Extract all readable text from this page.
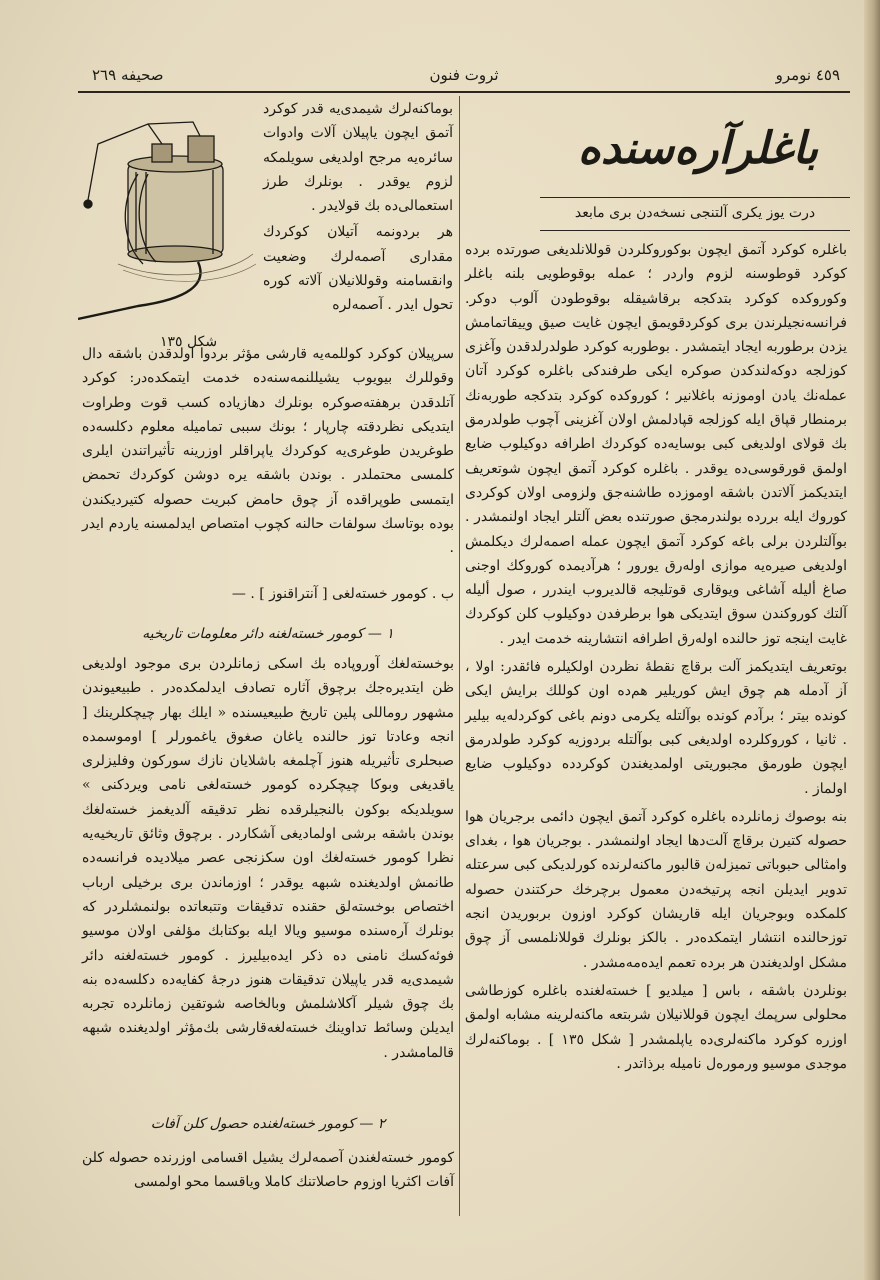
٤٥٩ نومرو
ثروت فنون
صحيفه ٢٦٩
باغلرآره‌سنده
درت يوز يكرى آلتنجى نسخه‌دن برى مابعد

باغلره كوكرد آتمق ايچون بوكوروكلردن قوللانلديغى صورتده برده كوكرد قوطوسنه لزوم واردر ؛ عمله بوقوطويى بلنه باغلر وكوروكده كوكرد بتدكجه برقاشيقله بوقوطودن آلوب دوكر. فرانسه‌نجيلرندن برى كوكردقويمق ايچون غايت صيق وييقاتمامش يزدن برطوربه ايجاد ايتمشدر . بوطوربه كوكرد طولدرلدقدن وآغزى كوزلجه دوكه‌لندكدن صوكره ايكى طرفندكى باغلره كوكرد آتان عمله‌نك يادن اوموزنه باغلانير ؛ كوروكده كوكرد بتدكجه طوربه‌نك برمنطار قپاق ايله كوزلجه قپادلمش اولان آغزينى آچوب طولدرمق بك قولاى اولديغى كبى بوسايه‌ده كوكردك اطرافه دوكيلوب ضايع اولمق قورقوسى‌ده يوقدر . باغلره كوكرد آتمق ايچون شوتعريف ايتديكمز آلاتدن باشقه اوموزده طاشنه‌جق ولزومى اولان كوكردى كوروك ايله بررده بولندرمجق صورتنده بعض آلتلر ايجاد اولنمشدر . بوآلتلردن برلى باغه كوكرد آتمق ايچون عمله اصمه‌لرك ديكلمش اولديغى صيره‌يه موازى اولەرق يورور ؛ هرآديمده كوروكك اوجنى صاغ أليله آشاغى ويوقارى قوتليجه قالديروب ايندرر ، صول أليله آلتك كوروكندن سوق ايتديكى هوا برطرفدن دوكيلوب كلن كوكردك غايت اينجه توز حالنده اولەرق اطرافه انتشارينه خدمت ايدر .

بوتعريف ايتديكمز آلت برقاچ نقطهٔ نظردن اولكيلره فائقدر: اولا ، آز آدمله هم چوق ايش كوريلير هم‌ده اون كوللك برايش ايكى كونده بيتر ؛ برآدم كونده بوآلتله يكرمى دونم باغى كوكردله‌يه بيلير . ثانيا ، كوروكلرده اولديغى كبى بوآلتله بردوزيه كوكرد طولدرمق ايچون طورمق مجبوريتى اولمديغندن كوكردده دوكيلوب ضايع اولماز .

بنه بوصوك زمانلرده باغلره كوكرد آتمق ايچون دائمى برجريان هوا حصوله كتيرن برقاچ آلت‌دها ايجاد اولنمشدر . بوجريان هوا ، بغداى وامثالى حبوباتى تميزلەن قالبور ماكنه‌لرنده كورلديكى كبى سرعتله تدوير ايديلن انجه پرتيخه‌دن معمول برچرخك حركتندن حصوله كلمكده وبوجريان ايله قاريشان كوكرد اوزون بربوريدن انجه توزحالنده انتشار ايتمكده‌در . بالكز بونلرك قوللانلمسى آز چوق مشكل اولديغندن هر برده تعمم ايده‌مه‌مشدر .

بونلردن باشقه ، باس [ ميلديو ] خسته‌لغنده باغلره كوزطاشى محلولى سرپمك ايچون قوللانيلان شربتعه ماكنه‌لرينه مشابه اولمق اوزره كوكرد ماكنه‌لرى‌ده ياپلمشدر [ شكل ١٣٥ ] . بوماكنه‌لرك موجدى موسيو ورمورەل ناميله برذاتدر .

شكل ١٣٥

بوماكنه‌لرك شيمدى‌يه قدر كوكرد آتمق ايچون ياپيلان آلات وادوات سائره‌يه مرجح اولديغى سويلمكه لزوم يوقدر . بونلرك طرز استعمالى‌ده بك قولايدر .

هر بردونمه آتيلان كوكردك مقدارى آصمه‌لرك وضعيت وانقسامنه وقوللانيلان آلاته كوره تحول ايدر . آصمه‌لره

سرپيلان كوكرد كوللمه‌يه قارشى مؤثر بردوا اولدقدن باشقه دال وقوللرك بيويوب يشيللنمه‌سنه‌ده خدمت ايتمكده‌در: كوكرد آتلدقدن برهفته‌صوكره بونلرك دهازياده كسب قوت وطراوت ايتديكى نظردقته چارپار ؛ بونك سببى تماميله معلوم دكلسه‌ده طوغريدن طوغرى‌يه كوكردك ياپراقلر اوزرينه تأثيراتندن ايلرى كلمسى محتملدر . بوندن باشقه يره دوشن كوكردك تحمض ايتمسى طوپراقده آز چوق حامض كبريت حصوله كتيرديكندن بوده بوتاسك سولفات حالنه كچوب امتصاص ايدلمسنه ياردم ايدر .

ب . كومور خسته‌لغى [ آنتراقنوز ] . —
١ — كومور خسته‌لغنه دائر معلومات تاريخيه

بوخسته‌لغك آوروپاده بك اسكى زمانلردن برى موجود اولديغى ظن ايتديرەجك برچوق آثاره تصادف ايدلمكده‌در . طبيعيوندن مشهور روماللى پلين تاريخ طبيعيسنده « ايلك بهار چيچكلرينك [ انجه وعادتا توز حالنده ياغان صغوق ياغمورلر ] اوموسمده صبحلرى تأثيريله هنوز آچلمغه باشلايان نازك سوركون وفليزلرى ياقديغى وبوكا چيچكرده كومور خسته‌لغى نامى ويردكنى » سويلديكه بوكون بالنجيلرقده نظر تدقيقه آلديغمز خسته‌لغك بوندن باشقه برشى اولماديغى آشكاردر . برچوق وثائق تاريخيه‌يه نظرا كومور خسته‌لغك اون سكزنجى عصر ميلاديده فرانسه‌ده طانمش اولديغنده شبهه يوقدر ؛ اوزماندن برى برخيلى ارباب اختصاص بوخسته‌لق حقنده تدقيقات وتتبعاتده بولنمشلردر كه بونلرك آرەسنده موسيو ويالا ايله بوكتابك مؤلفى اولان موسيو فوئه‌كسك نامنى ده ذكر ايده‌بيليرز . كومور خسته‌لغنه دائر شيمدى‌يه قدر ياپيلان تدقيقات هنوز درجهٔ كفايه‌ده دكلسه‌ده بنه بك چوق شيلر آكلاشلمش وبالخاصه شوتقين زمانلرده تجربه ايديلن وسائط تداوينك خسته‌لغه‌قارشى بك‌مؤثر اولديغنده شبهه قالمامشدر .

٢ — كومور خسته‌لغنده حصول كلن آفات

كومور خسته‌لغندن آصمه‌لرك يشيل اقسامى اوزرنده حصوله كلن آفات اكثريا اوزوم حاصلاتنك كاملا وياقسما محو اولمسى
